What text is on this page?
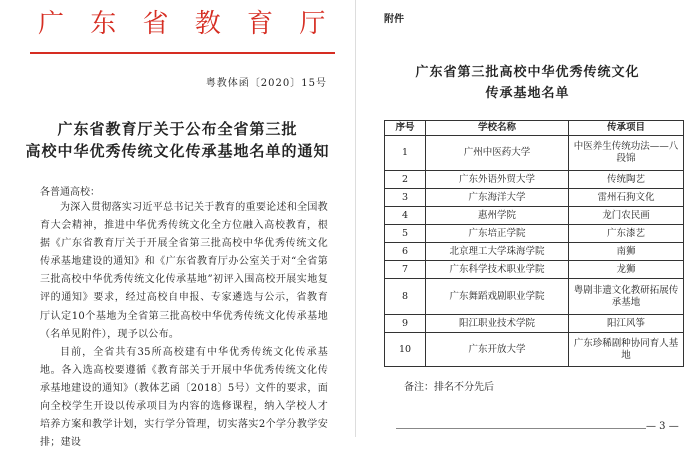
广 东 省 教 育 厅
粤教体函〔2020〕15号
广东省教育厅关于公布全省第三批
高校中华优秀传统文化传承基地名单的通知
各普通高校：

为深入贯彻落实习近平总书记关于教育的重要论述和全国教育大会精神，推进中华优秀传统文化全方位融入高校教育，根据《广东省教育厅关于开展全省第三批高校中华优秀传统文化传承基地建设的通知》和《广东省教育厅办公室关于对“全省第三批高校中华优秀传统文化传承基地”初评入围高校开展实地复评的通知》要求，经过高校自申报、专家遴选与公示，省教育厅认定10个基地为全省第三批高校中华优秀传统文化传承基地（名单见附件），现予以公布。

目前，全省共有35所高校建有中华优秀传统文化传承基地。各入选高校要遵循《教育部关于开展中华优秀传统文化传承基地建设的通知》（教体艺函〔2018〕5号）文件的要求，面向全校学生开设以传承项目为内容的选修课程，纳入学校人才培养方案和教学计划，实行学分管理，切实落实2个学分教学安排；建设

附件
广东省第三批高校中华优秀传统文化
传承基地名单
序号	学校名称	传承项目
1	广州中医药大学	中医养生传统功法——八段锦
2	广东外语外贸大学	传统陶艺
3	广东海洋大学	雷州石狗文化
4	惠州学院	龙门农民画
5	广东培正学院	广东漆艺
6	北京理工大学珠海学院	南狮
7	广东科学技术职业学院	龙狮
8	广东舞蹈戏剧职业学院	粤剧非遗文化教研拓展传承基地
9	阳江职业技术学院	阳江风筝
10	广东开放大学	广东珍稀剧种协同育人基地
备注：排名不分先后
— 3 —
